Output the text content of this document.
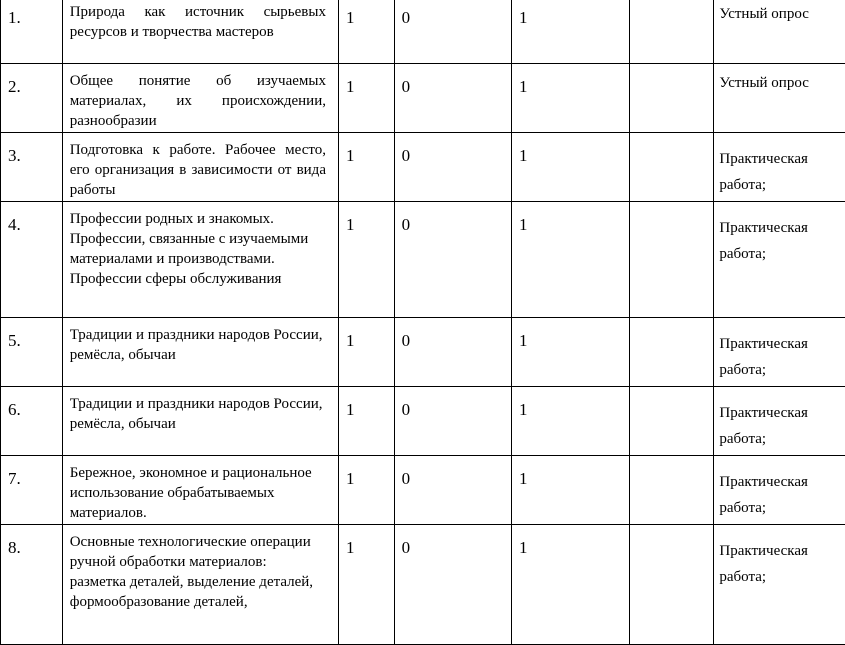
1.	Природа как источник сырьевых ресурсов и творчества мастеров	1	0	1		Устный опрос

2.	Общее понятие об изучаемых материалах, их происхождении, разнообразии	1	0	1		Устный опрос

3.	Подготовка к работе. Рабочее место, его организация в зависимости от вида работы	1	0	1		Практическая работа;

4.	Профессии родных и знакомых. Профессии, связанные с изучаемыми материалами и производствами. Профессии сферы обслуживания	1	0	1		Практическая работа;

5.	Традиции и праздники народов России, ремёсла, обычаи	1	0	1		Практическая работа;

6.	Традиции и праздники народов России, ремёсла, обычаи	1	0	1		Практическая работа;

7.	Бережное, экономное и рациональное использование обрабатываемых материалов.	1	0	1		Практическая работа;

8.	Основные технологические операции ручной обработки материалов: разметка деталей, выделение деталей, формообразование деталей,	1	0	1		Практическая работа;
